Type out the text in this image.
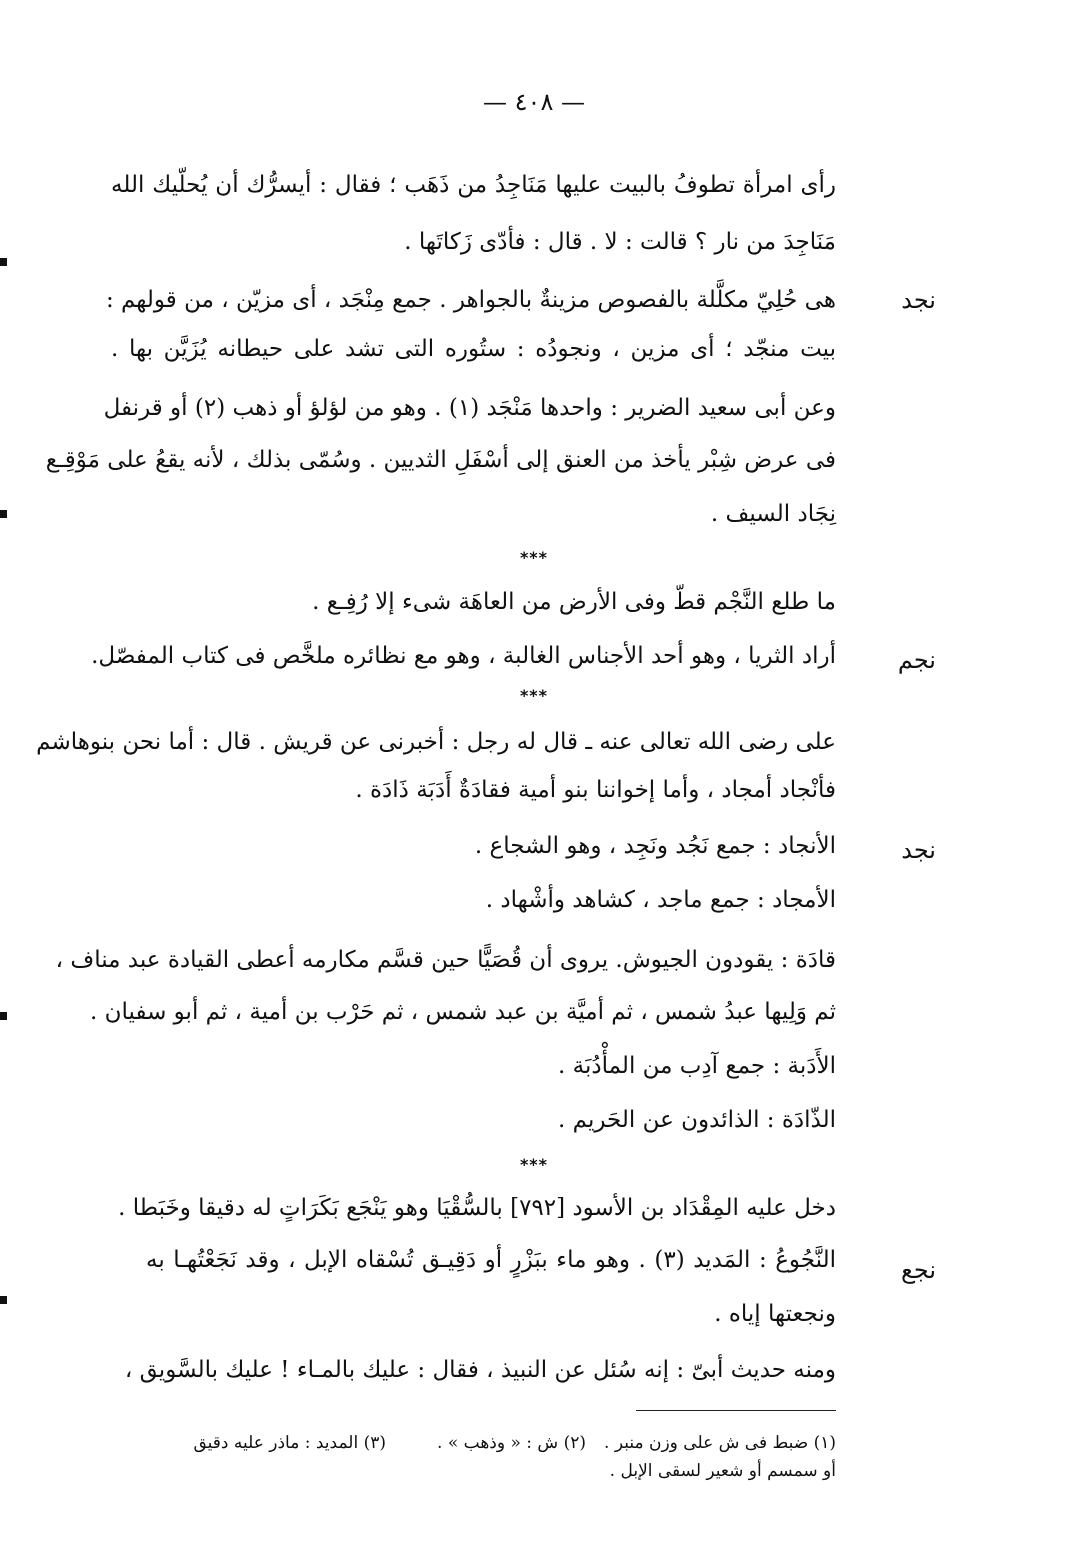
— ٤٠٨ —
رأى امرأة تطوفُ بالبيت عليها مَنَاجِدُ من ذَهَب ؛ فقال : أيسرُّك أن يُحلّيك الله
مَنَاجِدَ من نار ؟ قالت : لا . قال : فأدّى زَكاتَها .
نجد
هى حُلِيّ مكلَّلة بالفصوص مزينةٌ بالجواهر . جمع مِنْجَد ، أى مزيّن ، من قولهم :
بيت منجّد ؛ أى مزين ، ونجودُه : ستُوره التى تشد على حيطانه يُزَيَّن بها .
وعن أبى سعيد الضرير : واحدها مَنْجَد (١) . وهو من لؤلؤ أو ذهب (٢) أو قرنفل
فى عرض شِبْر يأخذ من العنق إلى أسْفَلِ الثديين . وسُمّى بذلك ، لأنه يقعُ على مَوْقِـع
نِجَاد السيف .
***
ما طلع النَّجْم قطّ وفى الأرض من العاهَة شىء إلا رُفِـع .
نجم
أراد الثريا ، وهو أحد الأجناس الغالبة ، وهو مع نظائره ملخَّص فى كتاب المفصّل.
***
على رضى الله تعالى عنه ـ قال له رجل : أخبرنى عن قريش . قال : أما نحن بنوهاشم
فأنْجاد أمجاد ، وأما إخواننا بنو أمية فقادَةٌ أَدَبَة ذَادَة .
نجد
الأنجاد : جمع نَجُد ونَجِد ، وهو الشجاع .
الأمجاد : جمع ماجد ، كشاهد وأشْهاد .
قادَة : يقودون الجيوش. يروى أن قُصَيًّا حين قسَّم مكارمه أعطى القيادة عبد مناف ،
ثم وَلِيها عبدُ شمس ، ثم أميَّة بن عبد شمس ، ثم حَرْب بن أمية ، ثم أبو سفيان .
الأَدَبة : جمع آدِب من المأْدُبَة .
الذّادَة : الذائدون عن الحَريم .
***
دخل عليه المِقْدَاد بن الأسود [٧٩٢] بالسُّقْيَا وهو يَنْجَع بَكَرَاتٍ له دقيقا وخَبَطا .
نجع
النَّجُوعُ : المَديد (٣) . وهو ماء ببَزْرٍ أو دَقِيـق تُسْقاه الإبل ، وقد نَجَعْتُهـا به
ونجعتها إياه .
ومنه حديث أبىّ : إنه سُئل عن النبيذ ، فقال : عليك بالمـاء ! عليك بالسَّويق ،
(١) ضبط فى ش على وزن منبر .
(٢) ش : « وذهب » .
(٣) المديد : ماذر عليه دقيق
أو سمسم أو شعير لسقى الإبل .
